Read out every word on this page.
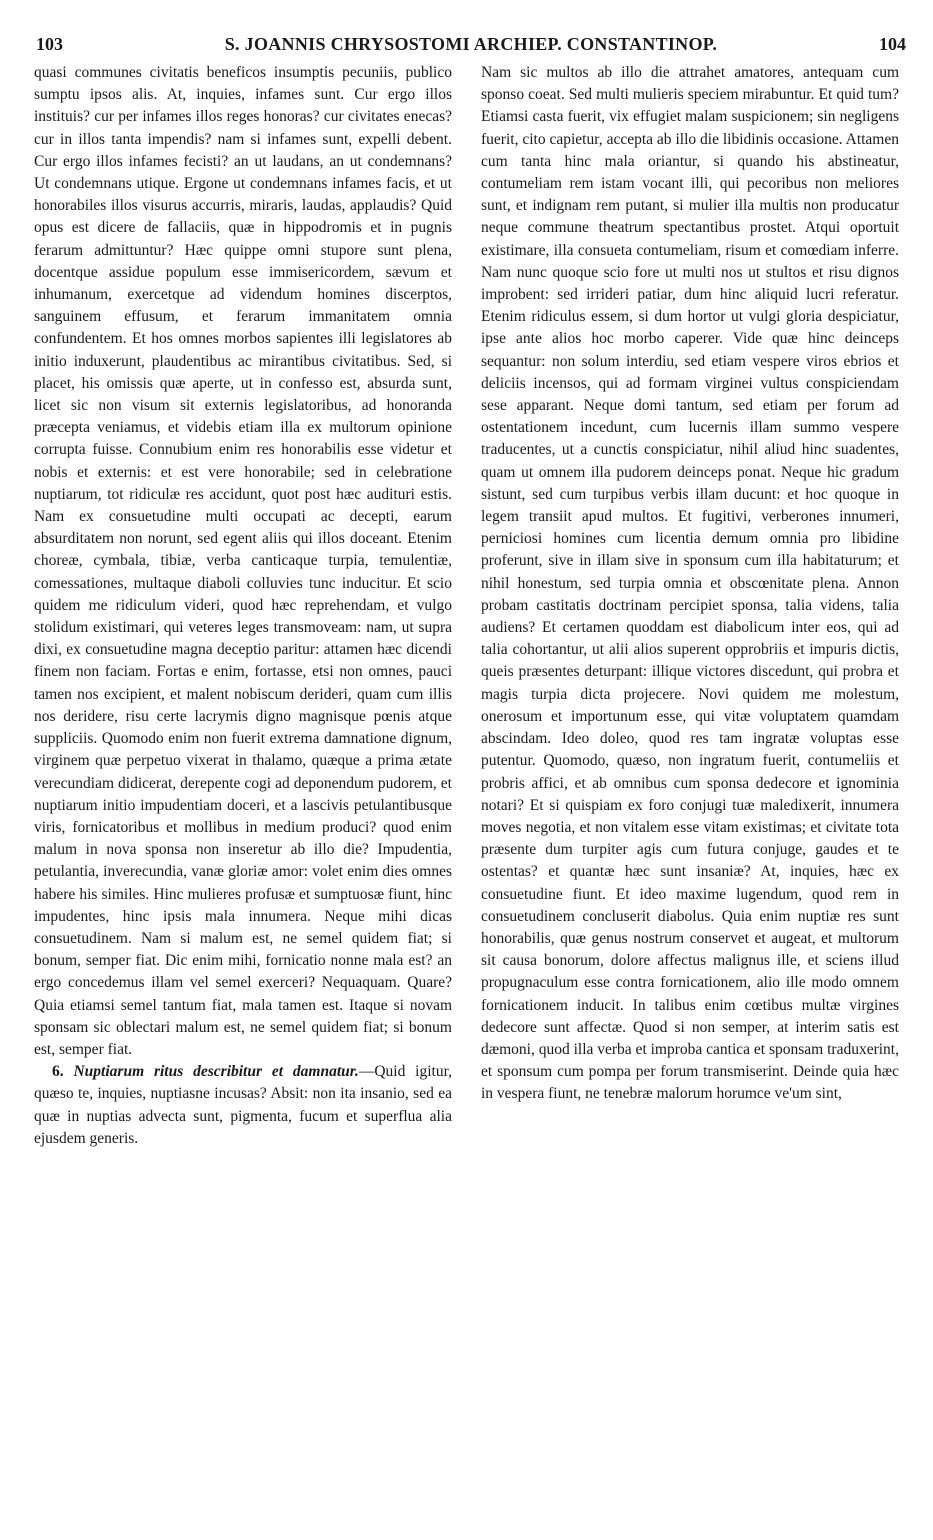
S. JOANNIS CHRYSOSTOMI ARCHIEP. CONSTANTINOP.
103	104

quasi communes civitatis beneficos insumptis pecuniis, publico sumptu ipsos alis. At, inquies, infames sunt. Cur ergo illos instituis? cur per infames illos reges honoras? cur civitates enecas? cur in illos tanta impendis? nam si infames sunt, expelli debent. Cur ergo illos infames fecisti? an ut laudans, an ut condemnans? Ut condemnans utique. Ergone ut condemnans infames facis, et ut honorabiles illos visurus accurris, miraris, laudas, applaudis? Quid opus est dicere de fallaciis, quæ in hippodromis et in pugnis ferarum admittuntur? Hæc quippe omni stupore sunt plena, docentque assidue populum esse immisericordem, sævum et inhumanum, exercetque ad videndum homines discerptos, sanguinem effusum, et ferarum immanitatem omnia confundentem. Et hos omnes morbos sapientes illi legislatores ab initio induxerunt, plaudentibus ac mirantibus civitatibus. Sed, si placet, his omissis quæ aperte, ut in confesso est, absurda sunt, licet sic non visum sit externis legislatoribus, ad honoranda præcepta veniamus, et videbis etiam illa ex multorum opinione corrupta fuisse. Connubium enim res honorabilis esse videtur et nobis et externis: et est vere honorabile; sed in celebratione nuptiarum, tot ridiculæ res accidunt, quot post hæc audituri estis. Nam ex consuetudine multi occupati ac decepti, earum absurditatem non norunt, sed egent aliis qui illos doceant. Etenim choreæ, cymbala, tibiæ, verba canticaque turpia, temulentiæ, comessationes, multaque diaboli colluvies tunc inducitur. Et scio quidem me ridiculum videri, quod hæc reprehendam, et vulgo stolidum existimari, qui veteres leges transmoveam: nam, ut supra dixi, ex consuetudine magna deceptio paritur: attamen hæc dicendi finem non faciam. Fortas e enim, fortasse, etsi non omnes, pauci tamen nos excipient, et malent nobiscum derideri, quam cum illis nos deridere, risu certe lacrymis digno magnisque pœnis atque suppliciis. Quomodo enim non fuerit extrema damnatione dignum, virginem quæ perpetuo vixerat in thalamo, quæque a prima ætate verecundiam didicerat, derepente cogi ad deponendum pudorem, et nuptiarum initio impudentiam doceri, et a lascivis petulantibusque viris, fornicatoribus et mollibus in medium produci? quod enim malum in nova sponsa non inseretur ab illo die? Impudentia, petulantia, inverecundia, vanæ gloriæ amor: volet enim dies omnes habere his similes. Hinc mulieres profusæ et sumptuosæ fiunt, hinc impudentes, hinc ipsis mala innumera. Neque mihi dicas consuetudinem. Nam si malum est, ne semel quidem fiat; si bonum, semper fiat. Dic enim mihi, fornicatio nonne mala est? an ergo concedemus illam vel semel exerceri? Nequaquam. Quare? Quia etiamsi semel tantum fiat, mala tamen est. Itaque si novam sponsam sic oblectari malum est, ne semel quidem fiat; si bonum est, semper fiat.

6. Nuptiarum ritus describitur et damnatur.—Quid igitur, quæso te, inquies, nuptiasne incusas? Absit: non ita insanio, sed ea quæ in nuptias advecta sunt, pigmenta, fucum et superflua alia ejusdem generis.

Nam sic multos ab illo die attrahet amatores, antequam cum sponso coeat. Sed multi mulieris speciem mirabuntur. Et quid tum? Etiamsi casta fuerit, vix effugiet malam suspicionem; sin negligens fuerit, cito capietur, accepta ab illo die libidinis occasione. Attamen cum tanta hinc mala oriantur, si quando his abstineatur, contumeliam rem istam vocant illi, qui pecoribus non meliores sunt, et indignam rem putant, si mulier illa multis non producatur neque commune theatrum spectantibus prostet. Atqui oportuit existimare, illa consueta contumeliam, risum et comœdiam inferre. Nam nunc quoque scio fore ut multi nos ut stultos et risu dignos improbent: sed irrideri patiar, dum hinc aliquid lucri referatur. Etenim ridiculus essem, si dum hortor ut vulgi gloria despiciatur, ipse ante alios hoc morbo caperer. Vide quæ hinc deinceps sequantur: non solum interdiu, sed etiam vespere viros ebrios et deliciis incensos, qui ad formam virginei vultus conspiciendam sese apparant. Neque domi tantum, sed etiam per forum ad ostentationem incedunt, cum lucernis illam summo vespere traducentes, ut a cunctis conspiciatur, nihil aliud hinc suadentes, quam ut omnem illa pudorem deinceps ponat. Neque hic gradum sistunt, sed cum turpibus verbis illam ducunt: et hoc quoque in legem transiit apud multos. Et fugitivi, verberones innumeri, perniciosi homines cum licentia demum omnia pro libidine proferunt, sive in illam sive in sponsum cum illa habitaturum; et nihil honestum, sed turpia omnia et obscœnitate plena. Annon probam castitatis doctrinam percipiet sponsa, talia videns, talia audiens? Et certamen quoddam est diabolicum inter eos, qui ad talia cohortantur, ut alii alios superent opprobriis et impuris dictis, queis præsentes deturpant: illique victores discedunt, qui probra et magis turpia dicta projecere. Novi quidem me molestum, onerosum et importunum esse, qui vitæ voluptatem quamdam abscindam. Ideo doleo, quod res tam ingratæ voluptas esse putentur. Quomodo, quæso, non ingratum fuerit, contumeliis et probris affici, et ab omnibus cum sponsa dedecore et ignominia notari? Et si quispiam ex foro conjugi tuæ maledixerit, innumera moves negotia, et non vitalem esse vitam existimas; et civitate tota præsente dum turpiter agis cum futura conjuge, gaudes et te ostentas? et quantæ hæc sunt insaniæ? At, inquies, hæc ex consuetudine fiunt. Et ideo maxime lugendum, quod rem in consuetudinem concluserit diabolus. Quia enim nuptiæ res sunt honorabilis, quæ genus nostrum conservet et augeat, et multorum sit causa bonorum, dolore affectus malignus ille, et sciens illud propugnaculum esse contra fornicationem, alio ille modo omnem fornicationem inducit. In talibus enim cœtibus multæ virgines dedecore sunt affectæ. Quod si non semper, at interim satis est dæmoni, quod illa verba et improba cantica et sponsam traduxerint, et sponsum cum pompa per forum transmiserint. Deinde quia hæc in vespera fiunt, ne tenebræ malorum horumce ve'um sint,
